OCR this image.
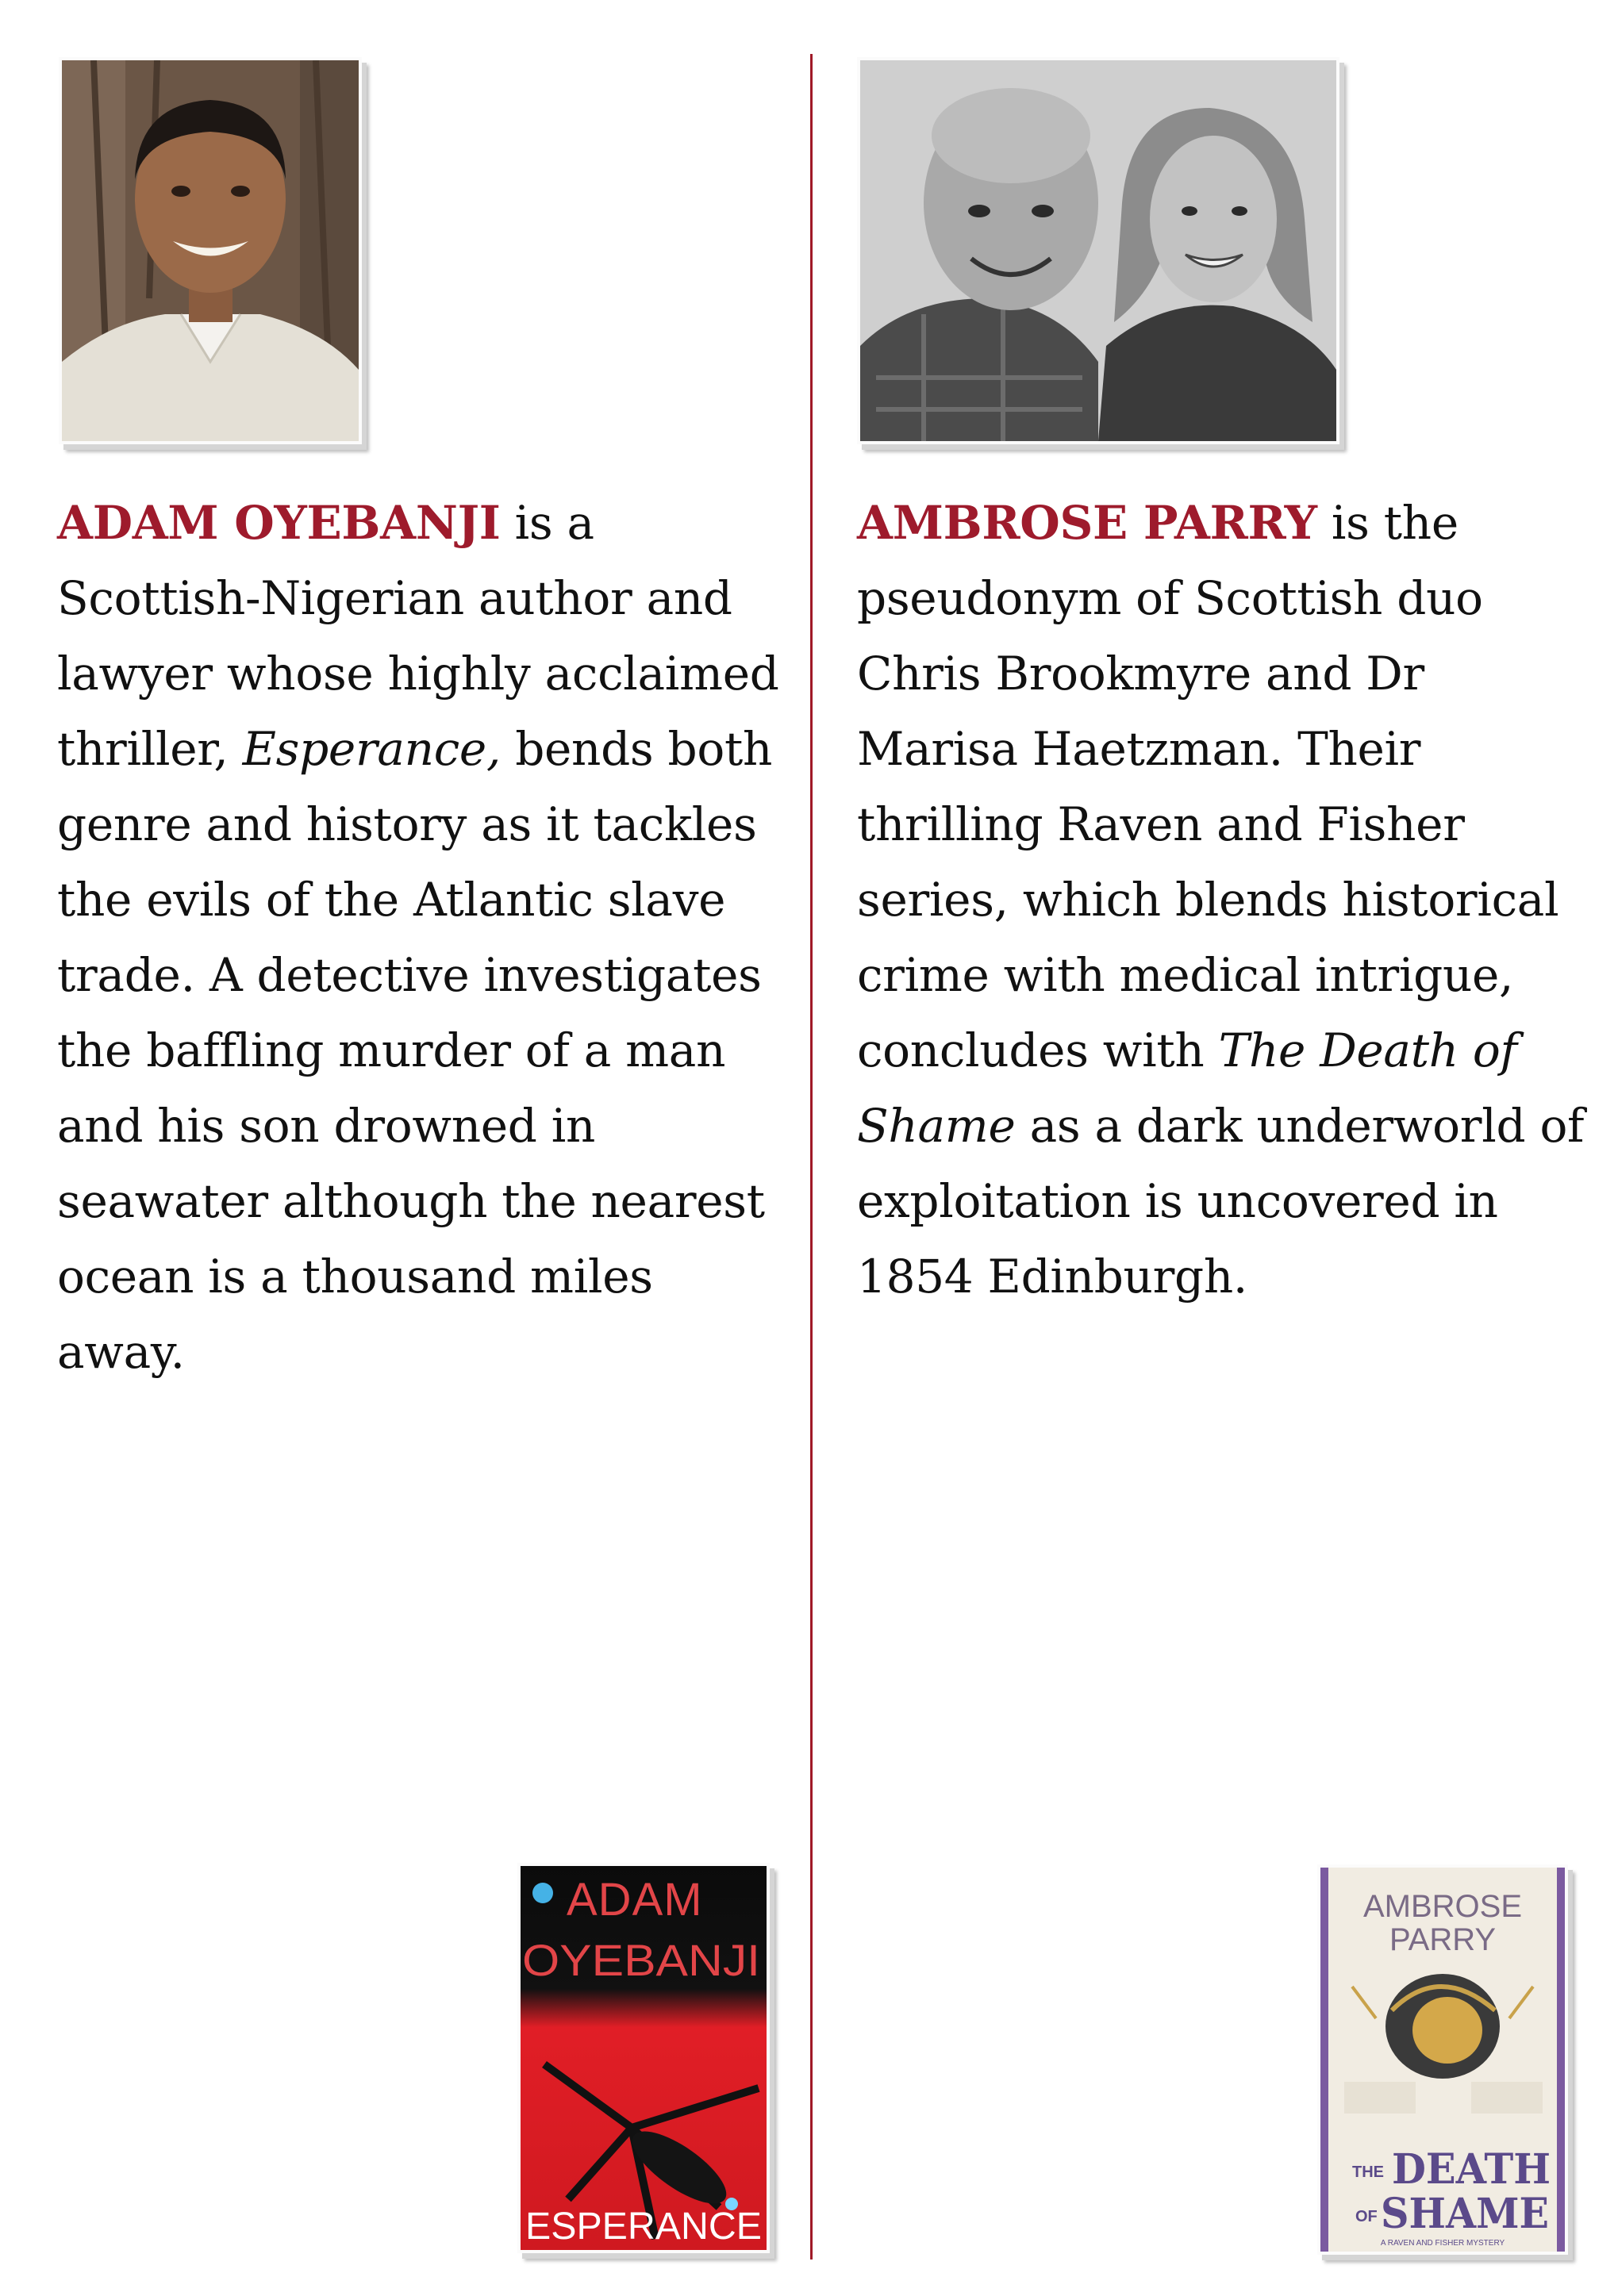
ADAM OYEBANJI is a Scottish-Nigerian author and lawyer whose highly acclaimed thriller, Esperance, bends both genre and history as it tackles the evils of the Atlantic slave trade. A detective investigates the baffling murder of a man and his son drowned in seawater although the nearest ocean is a thousand miles away.

ADAM
OYEBANJI
ESPERANCE

AMBROSE PARRY is the pseudonym of Scottish duo Chris Brookmyre and Dr Marisa Haetzman. Their thrilling Raven and Fisher series, which blends historical crime with medical intrigue, concludes with The Death of Shame as a dark underworld of exploitation is uncovered in 1854 Edinburgh.

AMBROSE
PARRY
THE DEATH
OF SHAME
A RAVEN AND FISHER MYSTERY
